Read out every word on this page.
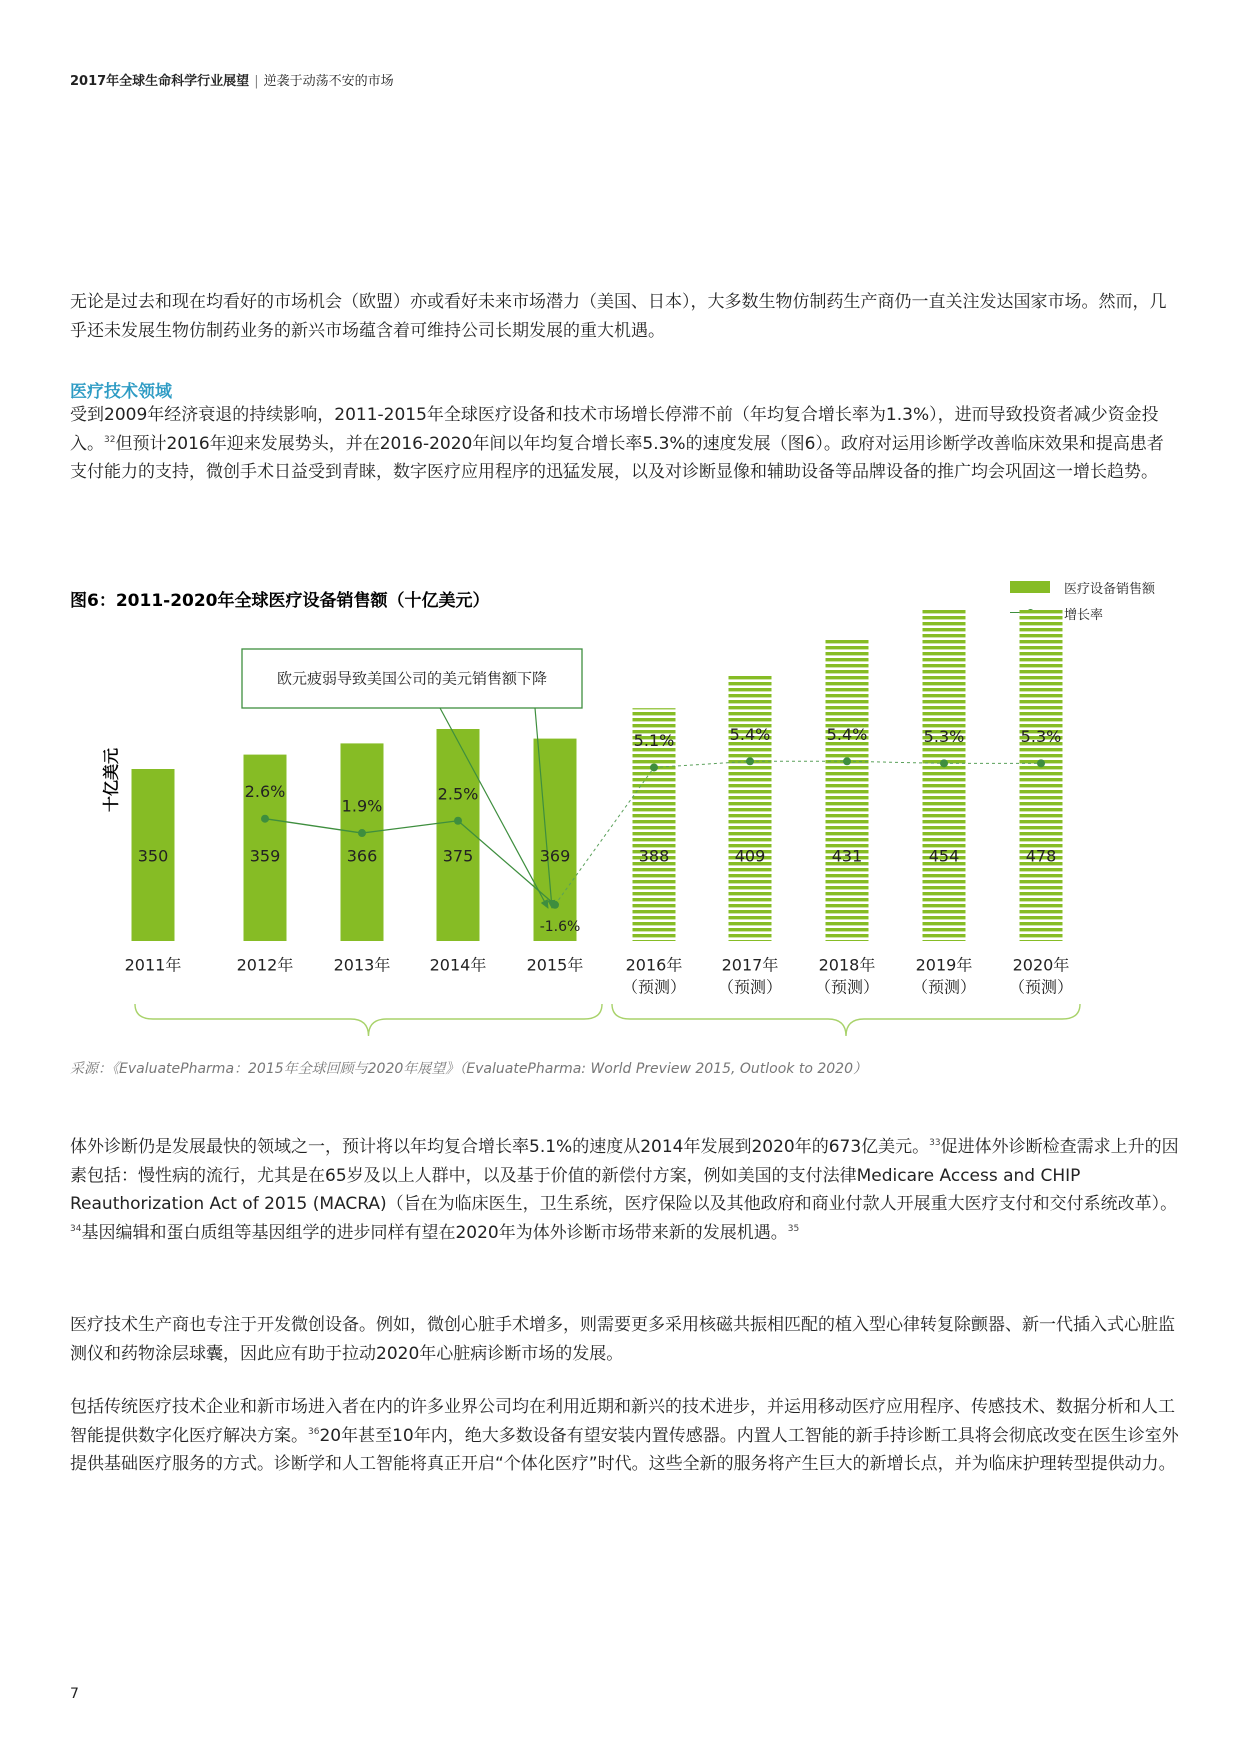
2017年全球生命科学行业展望 | 逆袭于动荡不安的市场
无论是过去和现在均看好的市场机会（欧盟）亦或看好未来市场潜力（美国、日本），大多数生物仿制药生产商仍一直关注发达国家市场。然而，几乎还未发展生物仿制药业务的新兴市场蕴含着可维持公司长期发展的重大机遇。
医疗技术领域
受到2009年经济衰退的持续影响，2011-2015年全球医疗设备和技术市场增长停滞不前（年均复合增长率为1.3%），进而导致投资者减少资金投入。$^{32}$但预计2016年迎来发展势头，并在2016-2020年间以年均复合增长率5.3%的速度发展（图6）。政府对运用诊断学改善临床效果和提高患者支付能力的支持，微创手术日益受到青睐，数字医疗应用程序的迅猛发展，以及对诊断显像和辅助设备等品牌设备的推广均会巩固这一增长趋势。
图6：2011-2020年全球医疗设备销售额（十亿美元）
医疗设备销售额
增长率
欧元疲弱导致美国公司的美元销售额下降
十亿美元
350
2011年
359
2012年
366
2013年
375
2014年
369
2015年
388
2016年
（预测）
409
2017年
（预测）
431
2018年
（预测）
454
2019年
（预测）
478
2020年
（预测）
2.6%
1.9%
2.5%
-1.6%
5.1%	5.4%	5.4%	5.3%	5.3%
采源：《EvaluatePharma：2015年全球回顾与2020年展望》（EvaluatePharma: World Preview 2015, Outlook to 2020）
体外诊断仍是发展最快的领域之一，预计将以年均复合增长率5.1%的速度从2014年发展到2020年的673亿美元。$^{33}$促进体外诊断检查需求上升的因素包括：慢性病的流行，尤其是在65岁及以上人群中，以及基于价值的新偿付方案，例如美国的支付法律Medicare Access and CHIP Reauthorization Act of 2015 (MACRA)（旨在为临床医生，卫生系统，医疗保险以及其他政府和商业付款人开展重大医疗支付和交付系统改革）。$^{34}$基因编辑和蛋白质组等基因组学的进步同样有望在2020年为体外诊断市场带来新的发展机遇。$^{35}$
医疗技术生产商也专注于开发微创设备。例如，微创心脏手术增多，则需要更多采用核磁共振相匹配的植入型心律转复除颤器、新一代插入式心脏监测仪和药物涂层球囊，因此应有助于拉动2020年心脏病诊断市场的发展。
包括传统医疗技术企业和新市场进入者在内的许多业界公司均在利用近期和新兴的技术进步，并运用移动医疗应用程序、传感技术、数据分析和人工智能提供数字化医疗解决方案。$^{36}$20年甚至10年内，绝大多数设备有望安装内置传感器。内置人工智能的新手持诊断工具将会彻底改变在医生诊室外提供基础医疗服务的方式。诊断学和人工智能将真正开启“个体化医疗”时代。这些全新的服务将产生巨大的新增长点，并为临床护理转型提供动力。
7
